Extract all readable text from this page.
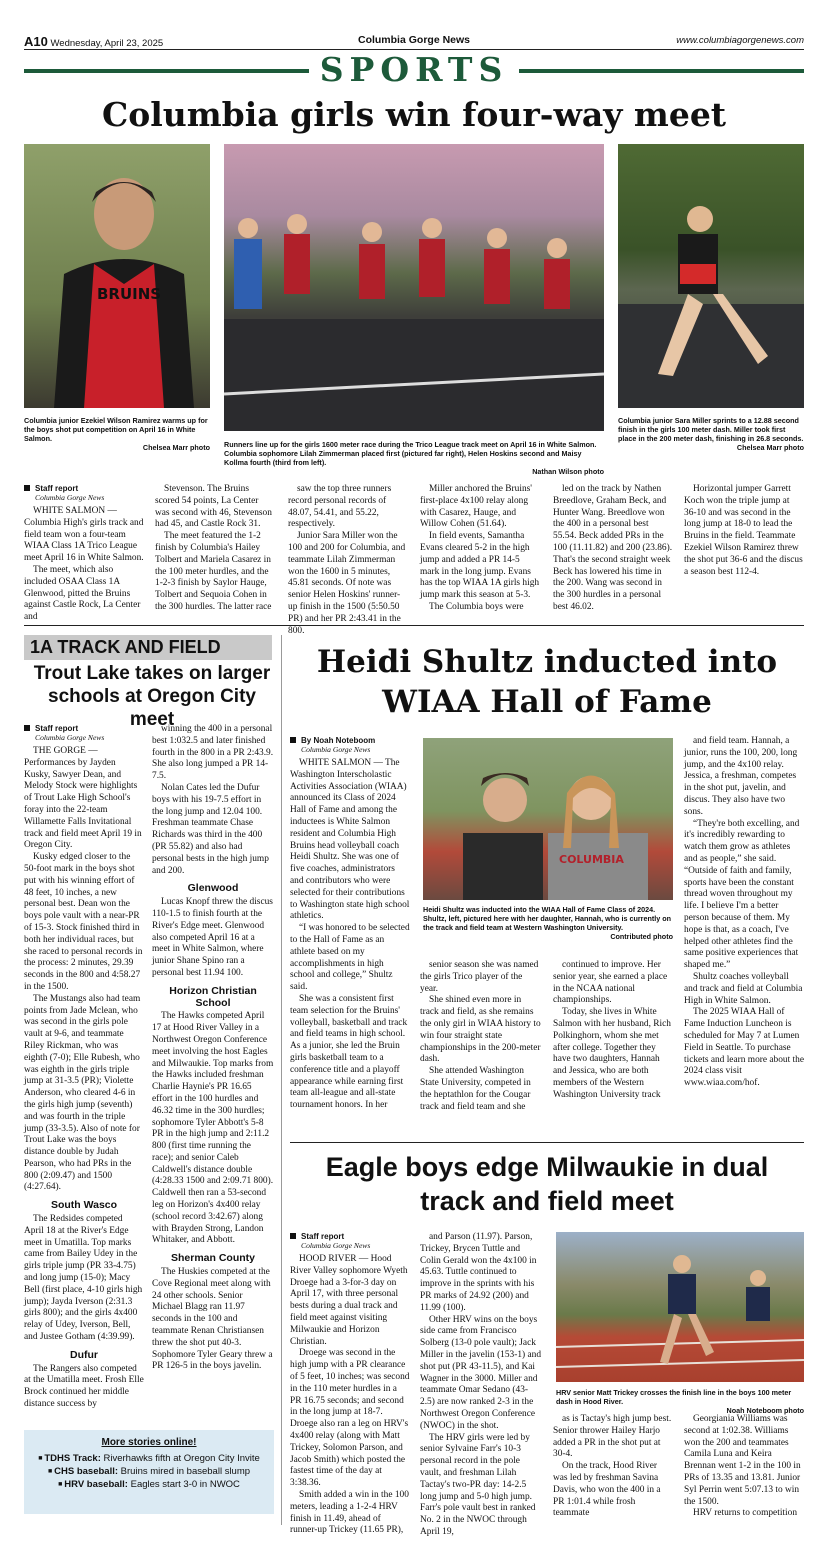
A10 Wednesday, April 23, 2025	Columbia Gorge News	www.columbiagorgenews.com
SPORTS
Columbia girls win four-way meet
BRUINS
Columbia junior Ezekiel Wilson Ramirez warms up for the boys shot put competition on April 16 in White Salmon.
Chelsea Marr photo Runners line up for the girls 1600 meter race during the Trico League track meet on April 16 in White Salmon. Columbia sophomore Lilah Zimmerman placed first (pictured far right), Helen Hoskins second and Maisy Kollma fourth (third from left).
Nathan Wilson photo
Columbia junior Sara Miller sprints to a 12.88 second finish in the girls 100 meter dash. Miller took first place in the 200 meter dash, finishing in 26.8 seconds.
Chelsea Marr photo
Staff report
Columbia Gorge News

WHITE SALMON — Columbia High's girls track and field team won a four-team WIAA Class 1A Trico League meet April 16 in White Salmon.

The meet, which also included OSAA Class 1A Glenwood, pitted the Bruins against Castle Rock, La Center and

Stevenson. The Bruins scored 54 points, La Center was second with 46, Stevenson had 45, and Castle Rock 31.

The meet featured the 1-2 finish by Columbia's Hailey Tolbert and Mariela Casarez in the 100 meter hurdles, and the 1-2-3 finish by Saylor Hauge, Tolbert and Sequoia Cohen in the 300 hurdles. The latter race

saw the top three runners record personal records of 48.07, 54.41, and 55.22, respectively.

Junior Sara Miller won the 100 and 200 for Columbia, and teammate Lilah Zimmerman won the 1600 in 5 minutes, 45.81 seconds. Of note was senior Helen Hoskins' runner-up finish in the 1500 (5:50.50 PR) and her PR 2:43.41 in the 800.

Miller anchored the Bruins' first-place 4x100 relay along with Casarez, Hauge, and Willow Cohen (51.64).

In field events, Samantha Evans cleared 5-2 in the high jump and added a PR 14-5 mark in the long jump. Evans has the top WIAA 1A girls high jump mark this season at 5-3.

The Columbia boys were

led on the track by Nathen Breedlove, Graham Beck, and Hunter Wang. Breedlove won the 400 in a personal best 55.54. Beck added PRs in the 100 (11.11.82) and 200 (23.86). That's the second straight week Beck has lowered his time in the 200. Wang was second in the 300 hurdles in a personal best 46.02.

Horizontal jumper Garrett Koch won the triple jump at 36-10 and was second in the long jump at 18-0 to lead the Bruins in the field. Teammate Ezekiel Wilson Ramirez threw the shot put 36-6 and the discus a season best 112-4.

1A TRACK AND FIELD
Trout Lake takes on larger schools at Oregon City meet
Staff report
Columbia Gorge News

THE GORGE — Performances by Jayden Kusky, Sawyer Dean, and Melody Stock were highlights of Trout Lake High School's foray into the 22-team Willamette Falls Invitational track and field meet April 19 in Oregon City.

Kusky edged closer to the 50-foot mark in the boys shot put with his winning effort of 48 feet, 10 inches, a new personal best. Dean won the boys pole vault with a near-PR of 15-3. Stock finished third in both her individual races, but she raced to personal records in the process: 2 minutes, 29.39 seconds in the 800 and 4:58.27 in the 1500.

The Mustangs also had team points from Jade Mclean, who was second in the girls pole vault at 9-6, and teammate Riley Rickman, who was eighth (7-0); Elle Rubesh, who was eighth in the girls triple jump at 31-3.5 (PR); Violette Anderson, who cleared 4-6 in the girls high jump (seventh) and was fourth in the triple jump (33-3.5). Also of note for Trout Lake was the boys distance double by Judah Pearson, who had PRs in the 800 (2:09.47) and 1500 (4:27.64).

South Wasco

The Redsides competed April 18 at the River's Edge meet in Umatilla. Top marks came from Bailey Udey in the girls triple jump (PR 33-4.75) and long jump (15-0); Macy Bell (first place, 4-10 girls high jump); Jayda Iverson (2:31.3 girls 800); and the girls 4x400 relay of Udey, Iverson, Bell, and Justee Gotham (4:39.99).

Dufur

The Rangers also competed at the Umatilla meet. Frosh Elle Brock continued her middle distance success by

winning the 400 in a personal best 1:032.5 and later finished fourth in the 800 in a PR 2:43.9. She also long jumped a PR 14-7.5.

Nolan Cates led the Dufur boys with his 19-7.5 effort in the long jump and 12.04 100. Freshman teammate Chase Richards was third in the 400 (PR 55.82) and also had personal bests in the high jump and 200.

Glenwood

Lucas Knopf threw the discus 110-1.5 to finish fourth at the River's Edge meet. Glenwood also competed April 16 at a meet in White Salmon, where junior Shane Spino ran a personal best 11.94 100.

Horizon Christian School

The Hawks competed April 17 at Hood River Valley in a Northwest Oregon Conference meet involving the host Eagles and Milwaukie. Top marks from the Hawks included freshman Charlie Haynie's PR 16.65 effort in the 100 hurdles and 46.32 time in the 300 hurdles; sophomore Tyler Abbott's 5-8 PR in the high jump and 2:11.2 800 (first time running the race); and senior Caleb Caldwell's distance double (4:28.33 1500 and 2:09.71 800). Caldwell then ran a 53-second leg on Horizon's 4x400 relay (school record 3:42.67) along with Brayden Strong, Landon Whitaker, and Abbott.

Sherman County

The Huskies competed at the Cove Regional meet along with 24 other schools. Senior Michael Blagg ran 11.97 seconds in the 100 and teammate Renan Christiansen threw the shot put 40-3. Sophomore Tyler Geary threw a PR 126-5 in the boys javelin.

More stories online!
■ TDHS Track: Riverhawks fifth at Oregon City Invite
■ CHS baseball: Bruins mired in baseball slump
■ HRV baseball: Eagles start 3-0 in NWOC
Heidi Shultz inducted into WIAA Hall of Fame
By Noah Noteboom
Columbia Gorge News

WHITE SALMON — The Washington Interscholastic Activities Association (WIAA) announced its Class of 2024 Hall of Fame and among the inductees is White Salmon resident and Columbia High Bruins head volleyball coach Heidi Shultz. She was one of five coaches, administrators and contributors who were selected for their contributions to Washington state high school athletics.

“I was honored to be selected to the Hall of Fame as an athlete based on my accomplishments in high school and college,” Shultz said.

She was a consistent first team selection for the Bruins' volleyball, basketball and track and field teams in high school. As a junior, she led the Bruin girls basketball team to a conference title and a playoff appearance while earning first team all-league and all-state tournament honors. In her

COLUMBIA
Heidi Shultz was inducted into the WIAA Hall of Fame Class of 2024. Shultz, left, pictured here with her daughter, Hannah, who is currently on the track and field team at Western Washington University.
Contributed photo

senior season she was named the girls Trico player of the year.

She shined even more in track and field, as she remains the only girl in WIAA history to win four straight state championships in the 200-meter dash.

She attended Washington State University, competed in the heptathlon for the Cougar track and field team and she

continued to improve. Her senior year, she earned a place in the NCAA national championships.

Today, she lives in White Salmon with her husband, Rich Polkinghorn, whom she met after college. Together they have two daughters, Hannah and Jessica, who are both members of the Western Washington University track

and field team. Hannah, a junior, runs the 100, 200, long jump, and the 4x100 relay. Jessica, a freshman, competes in the shot put, javelin, and discus. They also have two sons.

“They're both excelling, and it's incredibly rewarding to watch them grow as athletes and as people,” she said. “Outside of faith and family, sports have been the constant thread woven throughout my life. I believe I'm a better person because of them. My hope is that, as a coach, I've helped other athletes find the same positive experiences that shaped me.”

Shultz coaches volleyball and track and field at Columbia High in White Salmon.

The 2025 WIAA Hall of Fame Induction Luncheon is scheduled for May 7 at Lumen Field in Seattle. To purchase tickets and learn more about the 2024 class visit www.wiaa.com/hof.

Eagle boys edge Milwaukie in dual track and field meet
Staff report
Columbia Gorge News

HOOD RIVER — Hood River Valley sophomore Wyeth Droege had a 3-for-3 day on April 17, with three personal bests during a dual track and field meet against visiting Milwaukie and Horizon Christian.

Droege was second in the high jump with a PR clearance of 5 feet, 10 inches; was second in the 110 meter hurdles in a PR 16.75 seconds; and second in the long jump at 18-7. Droege also ran a leg on HRV's 4x400 relay (along with Matt Trickey, Solomon Parson, and Jacob Smith) which posted the fastest time of the day at 3:38.36.

Smith added a win in the 100 meters, leading a 1-2-4 HRV finish in 11.49, ahead of runner-up Trickey (11.65 PR),

and Parson (11.97). Parson, Trickey, Brycen Tuttle and Colin Gerald won the 4x100 in 45.63. Tuttle continued to improve in the sprints with his PR marks of 24.92 (200) and 11.99 (100).

Other HRV wins on the boys side came from Francisco Solberg (13-0 pole vault); Jack Miller in the javelin (153-1) and shot put (PR 43-11.5), and Kai Wagner in the 3000. Miller and teammate Omar Sedano (43-2.5) are now ranked 2-3 in the Northwest Oregon Conference (NWOC) in the shot.

The HRV girls were led by senior Sylvaine Farr's 10-3 personal record in the pole vault, and freshman Lilah Tactay's two-PR day: 14-2.5 long jump and 5-0 high jump. Farr's pole vault best in ranked No. 2 in the NWOC through April 19,

HRV senior Matt Trickey crosses the finish line in the boys 100 meter dash in Hood River.
Noah Noteboom photo

as is Tactay's high jump best. Senior thrower Hailey Harjo added a PR in the shot put at 30-4.

On the track, Hood River was led by freshman Savina Davis, who won the 400 in a PR 1:01.4 while frosh teammate

Georgiania Williams was second at 1:02.38. Williams won the 200 and teammates Camila Luna and Keira Brennan went 1-2 in the 100 in PRs of 13.35 and 13.81. Junior Syl Perrin went 5:07.13 to win the 1500.

HRV returns to competition
